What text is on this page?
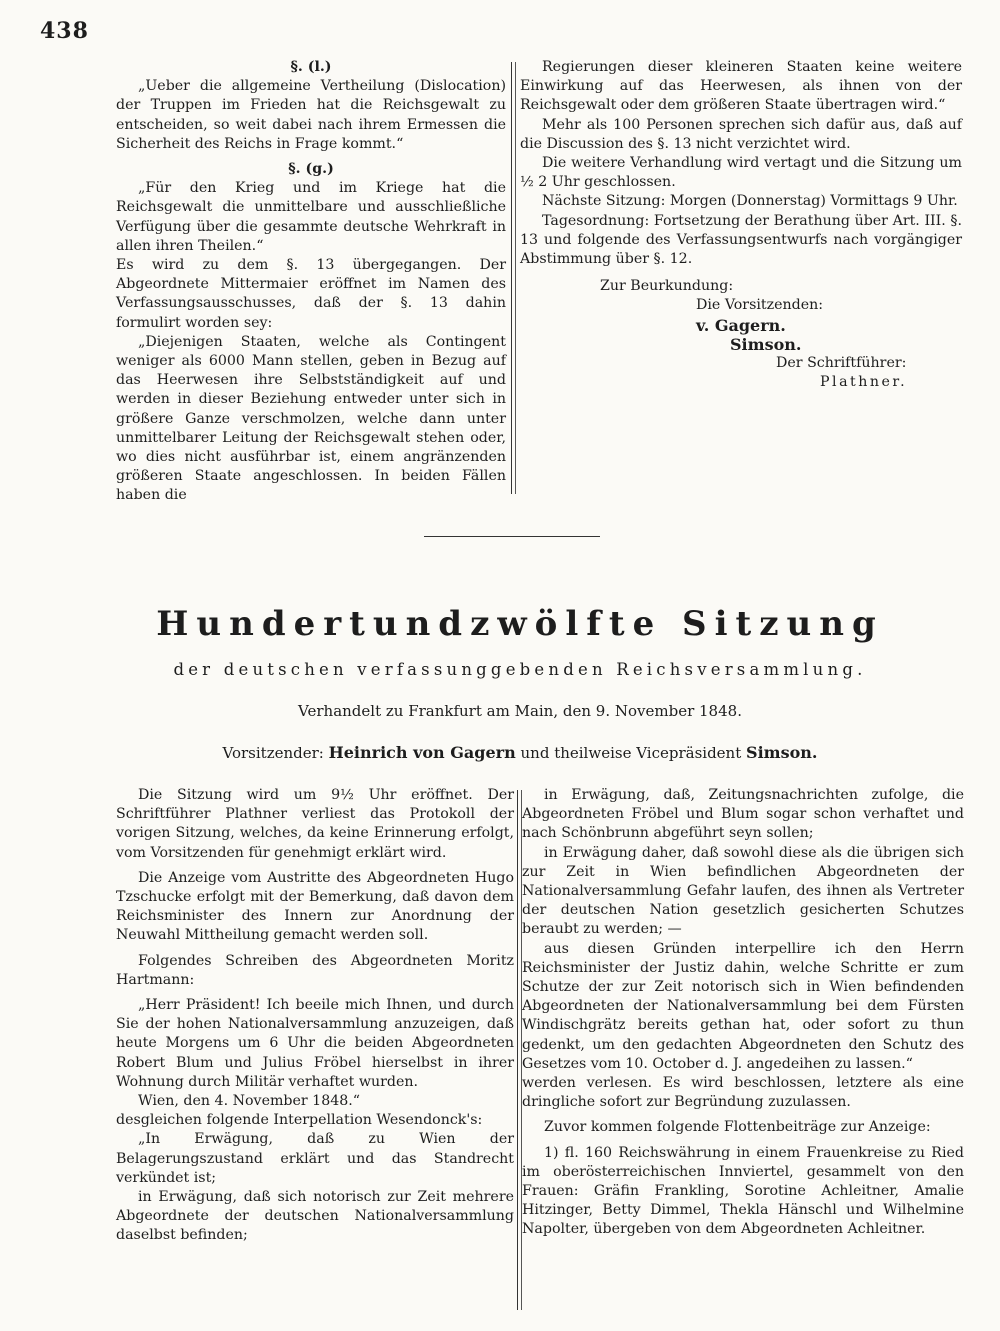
438

§. (l.)

„Ueber die allgemeine Vertheilung (Dislocation) der Truppen im Frieden hat die Reichsgewalt zu entscheiden, so weit dabei nach ihrem Ermessen die Sicherheit des Reichs in Frage kommt.“

§. (g.)

„Für den Krieg und im Kriege hat die Reichsgewalt die unmittelbare und ausschließliche Verfügung über die gesammte deutsche Wehrkraft in allen ihren Theilen.“

Es wird zu dem §. 13 übergegangen. Der Abgeordnete Mittermaier eröffnet im Namen des Verfassungsausschusses, daß der §. 13 dahin formulirt worden sey:

„Diejenigen Staaten, welche als Contingent weniger als 6000 Mann stellen, geben in Bezug auf das Heerwesen ihre Selbstständigkeit auf und werden in dieser Beziehung entweder unter sich in größere Ganze verschmolzen, welche dann unter unmittelbarer Leitung der Reichsgewalt stehen oder, wo dies nicht ausführbar ist, einem angränzenden größeren Staate angeschlossen. In beiden Fällen haben die

Regierungen dieser kleineren Staaten keine weitere Einwirkung auf das Heerwesen, als ihnen von der Reichsgewalt oder dem größeren Staate übertragen wird.“

Mehr als 100 Personen sprechen sich dafür aus, daß auf die Discussion des §. 13 nicht verzichtet wird.

Die weitere Verhandlung wird vertagt und die Sitzung um ½ 2 Uhr geschlossen.

Nächste Sitzung: Morgen (Donnerstag) Vormittags 9 Uhr.

Tagesordnung: Fortsetzung der Berathung über Art. III. §. 13 und folgende des Verfassungsentwurfs nach vorgängiger Abstimmung über §. 12.

Zur Beurkundung:

Die Vorsitzenden:

v. Gagern.

Simson.

Der Schriftführer:

Plathner.

Hundertundzwölfte Sitzung
der deutschen verfassunggebenden Reichsversammlung.
Verhandelt zu Frankfurt am Main, den 9. November 1848.
Vorsitzender: Heinrich von Gagern und theilweise Vicepräsident Simson.

Die Sitzung wird um 9½ Uhr eröffnet. Der Schriftführer Plathner verliest das Protokoll der vorigen Sitzung, welches, da keine Erinnerung erfolgt, vom Vorsitzenden für genehmigt erklärt wird.

Die Anzeige vom Austritte des Abgeordneten Hugo Tzschucke erfolgt mit der Bemerkung, daß davon dem Reichsminister des Innern zur Anordnung der Neuwahl Mittheilung gemacht werden soll.

Folgendes Schreiben des Abgeordneten Moritz Hartmann:

„Herr Präsident! Ich beeile mich Ihnen, und durch Sie der hohen Nationalversammlung anzuzeigen, daß heute Morgens um 6 Uhr die beiden Abgeordneten Robert Blum und Julius Fröbel hierselbst in ihrer Wohnung durch Militär verhaftet wurden.

Wien, den 4. November 1848.“

desgleichen folgende Interpellation Wesendonck's:

„In Erwägung, daß zu Wien der Belagerungszustand erklärt und das Standrecht verkündet ist;

in Erwägung, daß sich notorisch zur Zeit mehrere Abgeordnete der deutschen Nationalversammlung daselbst befinden;

in Erwägung, daß, Zeitungsnachrichten zufolge, die Abgeordneten Fröbel und Blum sogar schon verhaftet und nach Schönbrunn abgeführt seyn sollen;

in Erwägung daher, daß sowohl diese als die übrigen sich zur Zeit in Wien befindlichen Abgeordneten der Nationalversammlung Gefahr laufen, des ihnen als Vertreter der deutschen Nation gesetzlich gesicherten Schutzes beraubt zu werden; —

aus diesen Gründen interpellire ich den Herrn Reichsminister der Justiz dahin, welche Schritte er zum Schutze der zur Zeit notorisch sich in Wien befindenden Abgeordneten der Nationalversammlung bei dem Fürsten Windischgrätz bereits gethan hat, oder sofort zu thun gedenkt, um den gedachten Abgeordneten den Schutz des Gesetzes vom 10. October d. J. angedeihen zu lassen.“

werden verlesen. Es wird beschlossen, letztere als eine dringliche sofort zur Begründung zuzulassen.

Zuvor kommen folgende Flottenbeiträge zur Anzeige:

1) fl. 160 Reichswährung in einem Frauenkreise zu Ried im oberösterreichischen Innviertel, gesammelt von den Frauen: Gräfin Frankling, Sorotine Achleitner, Amalie Hitzinger, Betty Dimmel, Thekla Hänschl und Wilhelmine Napolter, übergeben von dem Abgeordneten Achleitner.
